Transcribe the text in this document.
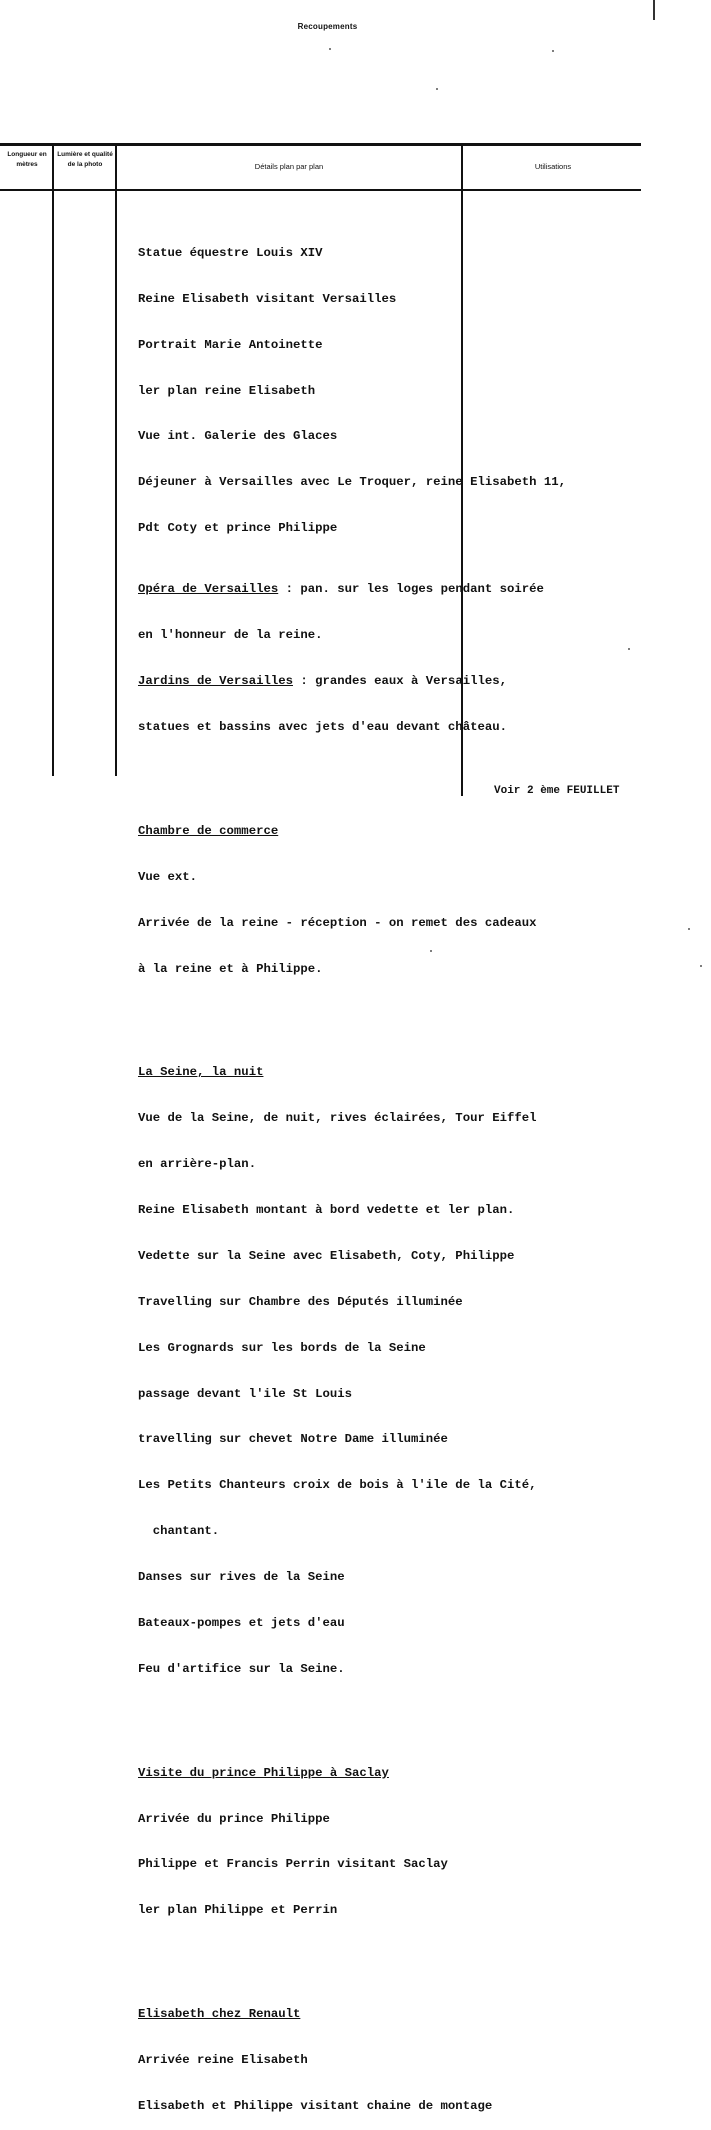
Recoupements
Longueur en mètres
Lumière et qualité de la photo	Détails plan par plan	Utilisations

Statue équestre Louis XIV

Reine Elisabeth visitant Versailles

Portrait Marie Antoinette

ler plan reine Elisabeth

Vue int. Galerie des Glaces

Déjeuner à Versailles avec Le Troquer, reine Elisabeth 11,

Pdt Coty et prince Philippe

Opéra de Versailles : pan. sur les loges pendant soirée

en l'honneur de la reine.

Jardins de Versailles : grandes eaux à Versailles,

statues et bassins avec jets d'eau devant château.

Chambre de commerce

Vue ext.

Arrivée de la reine - réception - on remet des cadeaux

à la reine et à Philippe.

La Seine, la nuit

Vue de la Seine, de nuit, rives éclairées, Tour Eiffel

en arrière-plan.

Reine Elisabeth montant à bord vedette et ler plan.

Vedette sur la Seine avec Elisabeth, Coty, Philippe

Travelling sur Chambre des Députés illuminée

Les Grognards sur les bords de la Seine

passage devant l'ile St Louis

travelling sur chevet Notre Dame illuminée

Les Petits Chanteurs croix de bois à l'ile de la Cité,

chantant.

Danses sur rives de la Seine

Bateaux-pompes et jets d'eau

Feu d'artifice sur la Seine.

Visite du prince Philippe à Saclay

Arrivée du prince Philippe

Philippe et Francis Perrin visitant Saclay

ler plan Philippe et Perrin

Elisabeth chez Renault

Arrivée reine Elisabeth

Elisabeth et Philippe visitant chaine de montage

Voir 2 ème FEUILLET
